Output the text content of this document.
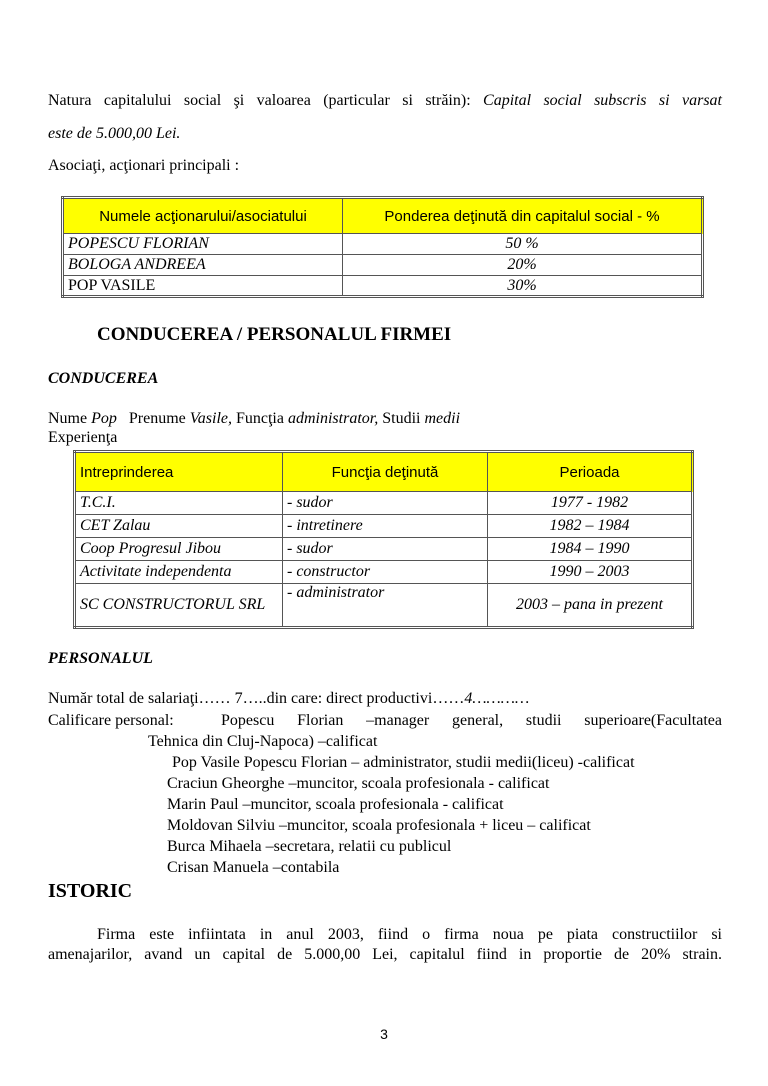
Natura capitalului social şi valoarea (particular si străin): Capital social subscris si varsat
este de 5.000,00 Lei.
Asociaţi, acţionari principali :
Numele acţionarului/asociatului	Ponderea deţinută din capitalul social - %
POPESCU FLORIAN	50 %
BOLOGA ANDREEA	20%
POP VASILE	30%
CONDUCEREA / PERSONALUL FIRMEI
CONDUCEREA
Nume Pop   Prenume Vasile, Funcţia administrator, Studii medii
Experienţa
Intreprinderea	Funcţia deţinută	Perioada
T.C.I.	- sudor	1977 - 1982
CET Zalau	- intretinere	1982 – 1984
Coop Progresul Jibou	- sudor	1984 – 1990
Activitate independenta	- constructor	1990 – 2003
SC CONSTRUCTORUL SRL	- administrator	2003 – pana in prezent
PERSONALUL
Număr total de salariaţi…… 7…..din care: direct productivi……4…………
Calificare personal:	Popescu Florian –manager general, studii superioare(Facultatea
Tehnica din Cluj-Napoca) –calificat
Pop Vasile Popescu Florian – administrator, studii medii(liceu) -calificat
Craciun Gheorghe –muncitor, scoala profesionala - calificat
Marin Paul –muncitor, scoala profesionala - calificat
Moldovan Silviu –muncitor, scoala profesionala + liceu – calificat
Burca Mihaela –secretara, relatii cu publicul
Crisan Manuela –contabila
ISTORIC
Firma este infiintata in anul 2003, fiind o firma noua pe piata constructiilor si
amenajarilor, avand un capital de 5.000,00 Lei, capitalul fiind in proportie de 20% strain.
3
